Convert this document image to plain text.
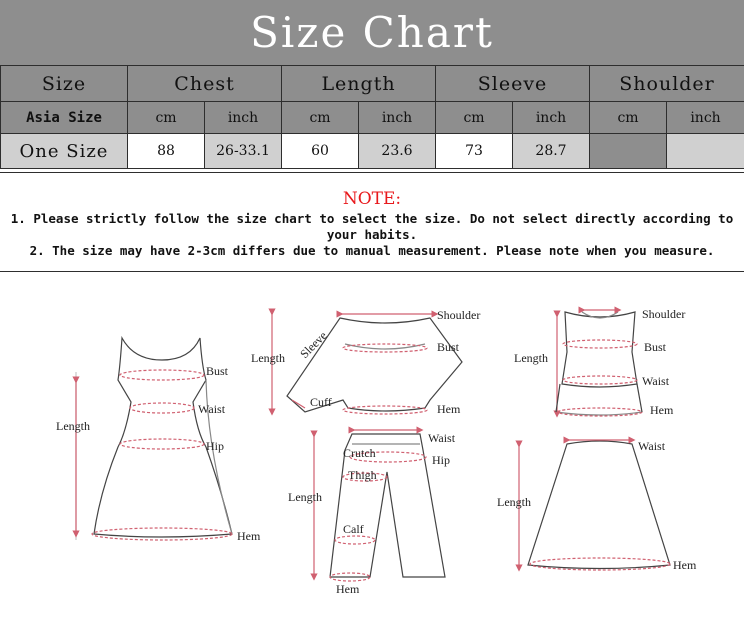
Size Chart
Size	Chest		Length		Sleeve		Shoulder	
Asia Size	cm	inch	cm	inch	cm	inch	cm	inch
One Size	88	26-33.1	60	23.6	73	28.7		
NOTE:
1. Please strictly follow the size chart to select the size. Do not select directly according to your habits.
2. The size may have 2-3cm differs due to manual measurement. Please note when you measure.
Bust
Waist
Hip
Length
Hem
Shoulder
Sleeve
Length
Bust
Cuff	Hem
Shoulder
Length
Bust
Waist
Hem
Waist
Crutch	Hip
Thigh
Length
Calf
Hem
Waist
Length
Hem
